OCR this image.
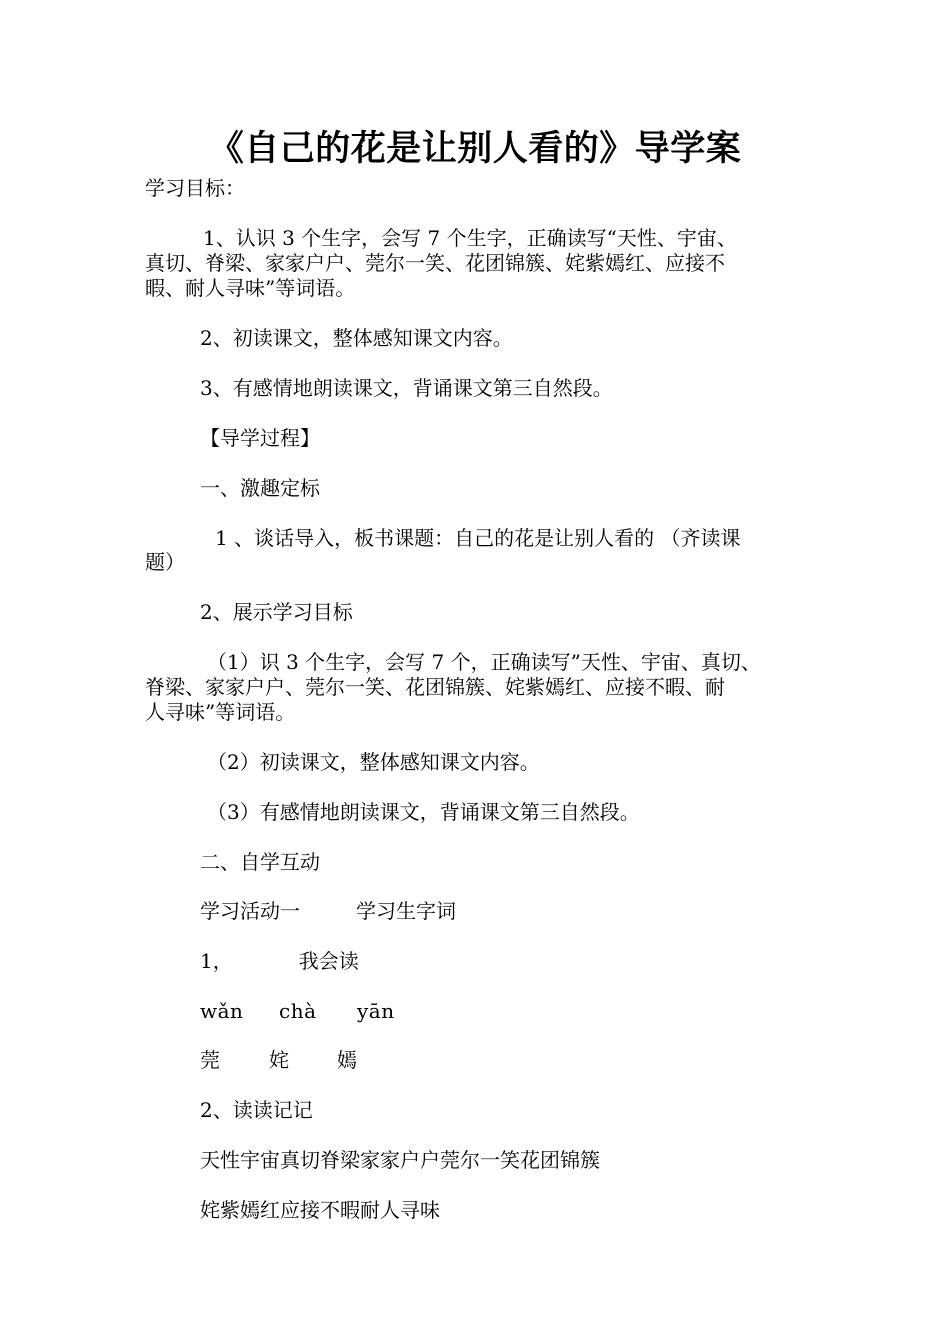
《自己的花是让别人看的》导学案
学习目标：
1、认识 3 个生字，会写 7 个生字，正确读写“天性、宇宙、
真切、脊梁、家家户户、莞尔一笑、花团锦簇、姹紫嫣红、应接不
暇、耐人寻味”等词语。
2、初读课文，整体感知课文内容。
3、有感情地朗读课文，背诵课文第三自然段。
【导学过程】
一、激趣定标
1 、谈话导入，板书课题：自己的花是让别人看的 （齐读课
题）
2、展示学习目标
（1）识 3 个生字，会写 7 个，正确读写”天性、宇宙、真切、
脊梁、家家户户、莞尔一笑、花团锦簇、姹紫嫣红、应接不暇、耐
人寻味”等词语。
（2）初读课文，整体感知课文内容。
（3）有感情地朗读课文，背诵课文第三自然段。
二、自学互动
学习活动一	学习生字词
1，	我会读
wǎn chà yān
莞 姹 嫣
2、读读记记
天性宇宙真切脊梁家家户户莞尔一笑花团锦簇
姹紫嫣红应接不暇耐人寻味
